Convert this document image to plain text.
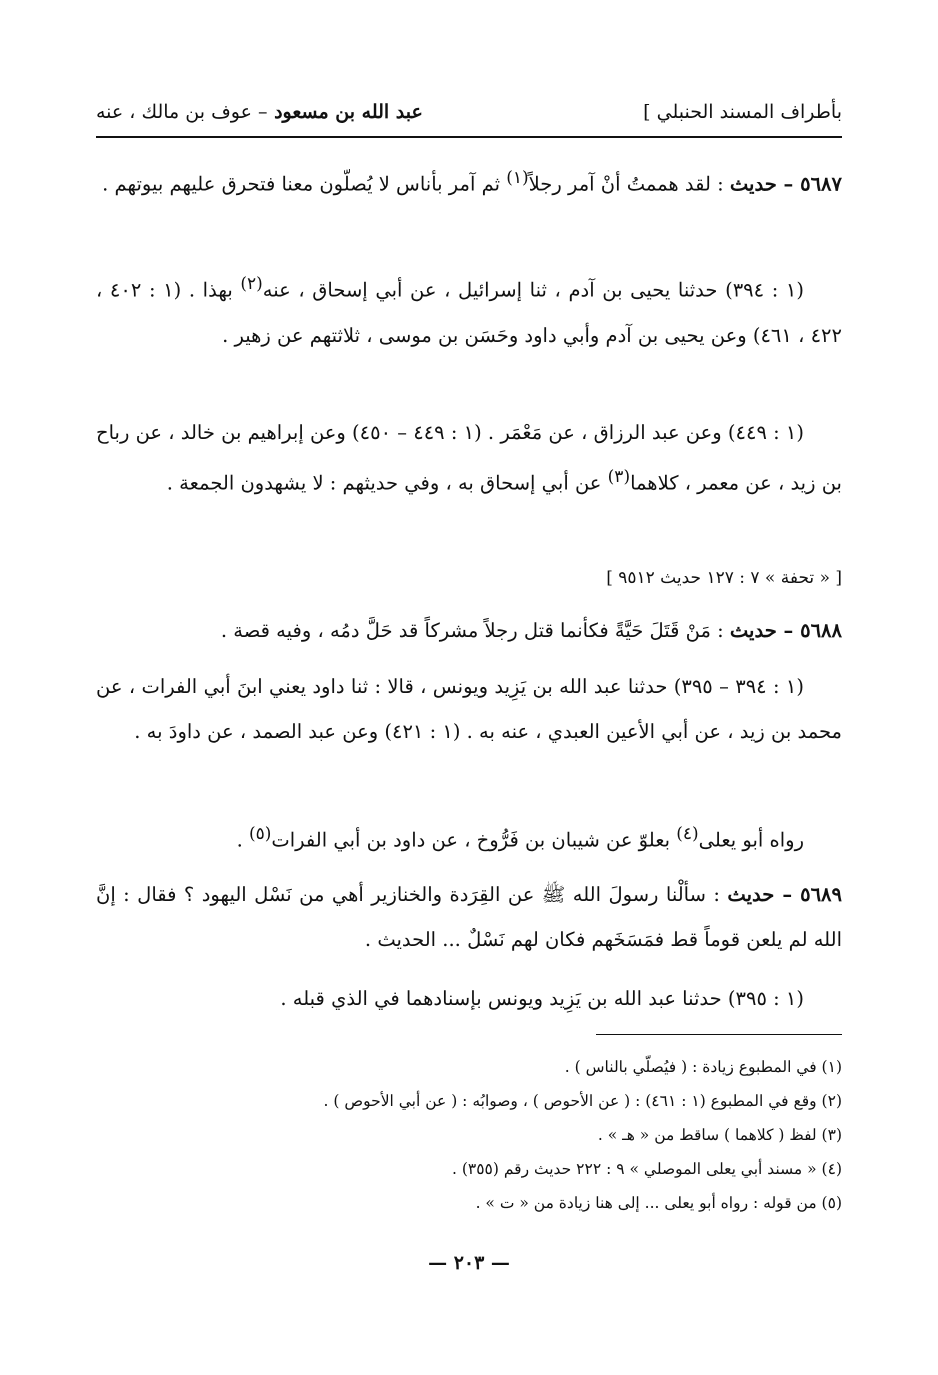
بأطراف المسند الحنبلي ]
عبد الله بن مسعود – عوف بن مالك ، عنه
٥٦٨٧ – حديث : لقد هممتُ أنْ آمر رجلاً$^{(١)}$ ثم آمر بأناس لا يُصلّون معنا فتحرق عليهم بيوتهم .
(١ : ٣٩٤) حدثنا يحيى بن آدم ، ثنا إسرائيل ، عن أبي إسحاق ، عنه$^{(٢)}$ بهذا . (١ : ٤٠٢ ، ٤٢٢ ، ٤٦١) وعن يحيى بن آدم وأبي داود وحَسَن بن موسى ، ثلاثتهم عن زهير .
(١ : ٤٤٩) وعن عبد الرزاق ، عن مَعْمَر . (١ : ٤٤٩ – ٤٥٠) وعن إبراهيم بن خالد ، عن رباح بن زيد ، عن معمر ، كلاهما$^{(٣)}$ عن أبي إسحاق به ، وفي حديثهم : لا يشهدون الجمعة .
[ « تحفة » ٧ : ١٢٧ حديث ٩٥١٢ ]
٥٦٨٨ – حديث : مَنْ قَتَلَ حَيَّةً فكأنما قتل رجلاً مشركاً قد حَلَّ دمُه ، وفيه قصة .
(١ : ٣٩٤ – ٣٩٥) حدثنا عبد الله بن يَزِيد ويونس ، قالا : ثنا داود يعني ابنَ أبي الفرات ، عن محمد بن زيد ، عن أبي الأعين العبدي ، عنه به . (١ : ٤٢١) وعن عبد الصمد ، عن داودَ به .
رواه أبو يعلى$^{(٤)}$ بعلوّ عن شيبان بن فَرُّوخ ، عن داود بن أبي الفرات$^{(٥)}$ .
٥٦٨٩ – حديث : سألْنا رسولَ الله ﷺ عن القِرَدة والخنازير أهي من نَسْل اليهود ؟ فقال : إنَّ الله لم يلعن قوماً قط فمَسَخَهم فكان لهم نَسْلٌ ... الحديث .
(١ : ٣٩٥) حدثنا عبد الله بن يَزِيد ويونس بإسنادهما في الذي قبله .
(١) في المطبوع زيادة : ( فيُصلّي بالناس ) .
(٢) وقع في المطبوع (١ : ٤٦١) : ( عن الأحوص ) ، وصوابُه : ( عن أبي الأحوص ) .
(٣) لفظ ( كلاهما ) ساقط من « هـ » .
(٤) « مسند أبي يعلى الموصلي » ٩ : ٢٢٢ حديث رقم (٣٥٥) .
(٥) من قوله : رواه أبو يعلى ... إلى هنا زيادة من « ت » .
— ٢٠٣ —
